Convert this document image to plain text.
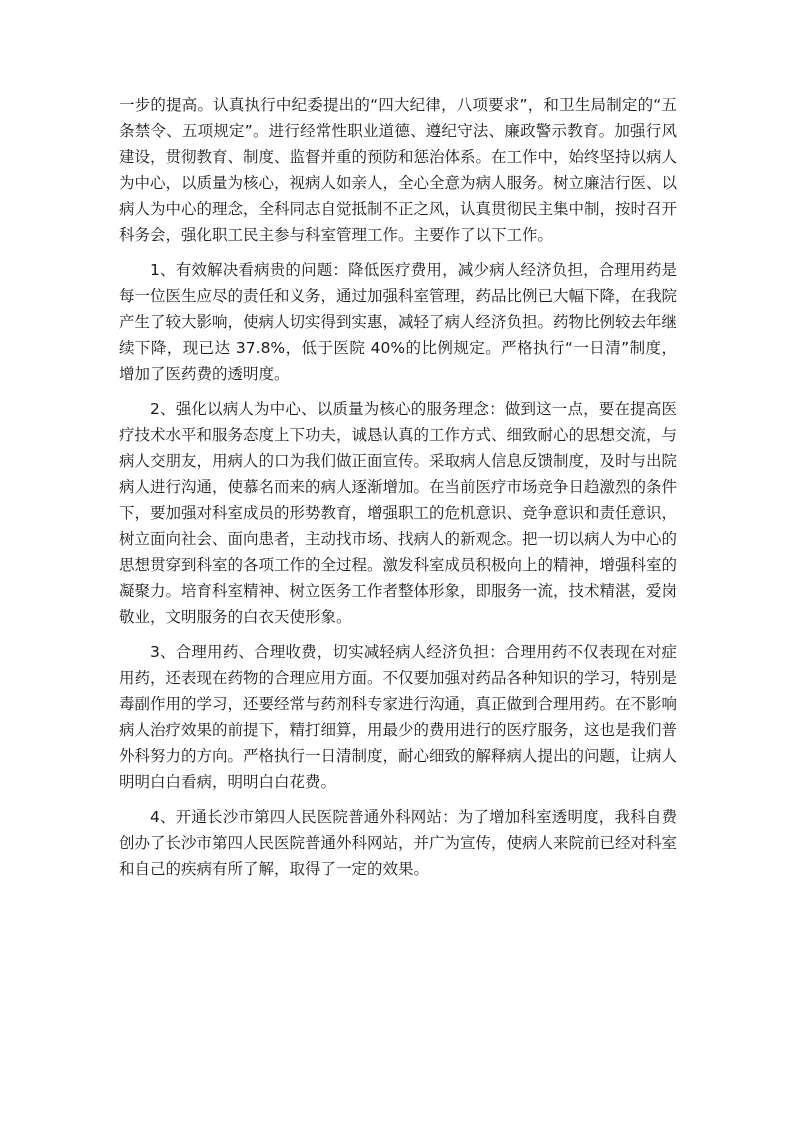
一步的提高。认真执行中纪委提出的“四大纪律，八项要求”，和卫生局制定的“五条禁令、五项规定”。进行经常性职业道德、遵纪守法、廉政警示教育。加强行风建设，贯彻教育、制度、监督并重的预防和惩治体系。在工作中，始终坚持以病人为中心，以质量为核心，视病人如亲人，全心全意为病人服务。树立廉洁行医、以病人为中心的理念，全科同志自觉抵制不正之风，认真贯彻民主集中制，按时召开科务会，强化职工民主参与科室管理工作。主要作了以下工作。

1、有效解决看病贵的问题：降低医疗费用，减少病人经济负担，合理用药是每一位医生应尽的责任和义务，通过加强科室管理，药品比例已大幅下降，在我院产生了较大影响，使病人切实得到实惠，减轻了病人经济负担。药物比例较去年继续下降，现已达 37.8%，低于医院 40%的比例规定。严格执行“一日清”制度，增加了医药费的透明度。

2、强化以病人为中心、以质量为核心的服务理念：做到这一点，要在提高医疗技术水平和服务态度上下功夫，诚恳认真的工作方式、细致耐心的思想交流，与病人交朋友，用病人的口为我们做正面宣传。采取病人信息反馈制度，及时与出院病人进行沟通，使慕名而来的病人逐渐增加。在当前医疗市场竞争日趋激烈的条件下，要加强对科室成员的形势教育，增强职工的危机意识、竞争意识和责任意识，树立面向社会、面向患者，主动找市场、找病人的新观念。把一切以病人为中心的思想贯穿到科室的各项工作的全过程。激发科室成员积极向上的精神，增强科室的凝聚力。培育科室精神、树立医务工作者整体形象，即服务一流，技术精湛，爱岗敬业，文明服务的白衣天使形象。

3、合理用药、合理收费，切实减轻病人经济负担：合理用药不仅表现在对症用药，还表现在药物的合理应用方面。不仅要加强对药品各种知识的学习，特别是毒副作用的学习，还要经常与药剂科专家进行沟通，真正做到合理用药。在不影响病人治疗效果的前提下，精打细算，用最少的费用进行的医疗服务，这也是我们普外科努力的方向。严格执行一日清制度，耐心细致的解释病人提出的问题，让病人明明白白看病，明明白白花费。

4、开通长沙市第四人民医院普通外科网站：为了增加科室透明度，我科自费创办了长沙市第四人民医院普通外科网站，并广为宣传，使病人来院前已经对科室和自己的疾病有所了解，取得了一定的效果。
